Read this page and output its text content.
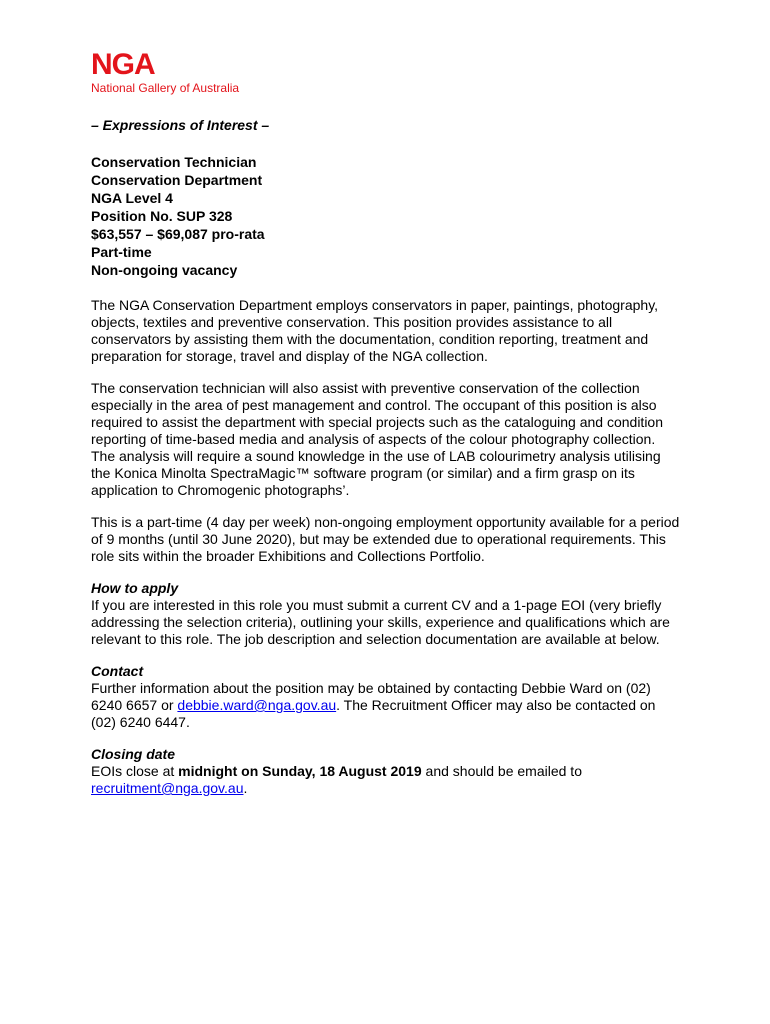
NGA
National Gallery of Australia
– Expressions of Interest –
Conservation Technician
Conservation Department
NGA Level 4
Position No. SUP 328
$63,557 – $69,087 pro-rata
Part-time
Non-ongoing vacancy

The NGA Conservation Department employs conservators in paper, paintings, photography, objects, textiles and preventive conservation. This position provides assistance to all conservators by assisting them with the documentation, condition reporting, treatment and preparation for storage, travel and display of the NGA collection.

The conservation technician will also assist with preventive conservation of the collection especially in the area of pest management and control. The occupant of this position is also required to assist the department with special projects such as the cataloguing and condition reporting of time-based media and analysis of aspects of the colour photography collection. The analysis will require a sound knowledge in the use of LAB colourimetry analysis utilising the Konica Minolta SpectraMagic™ software program (or similar) and a firm grasp on its application to Chromogenic photographs’.

This is a part-time (4 day per week) non-ongoing employment opportunity available for a period of 9 months (until 30 June 2020), but may be extended due to operational requirements. This role sits within the broader Exhibitions and Collections Portfolio.

How to apply
If you are interested in this role you must submit a current CV and a 1-page EOI (very briefly addressing the selection criteria), outlining your skills, experience and qualifications which are relevant to this role. The job description and selection documentation are available at below.
Contact
Further information about the position may be obtained by contacting Debbie Ward on (02) 6240 6657 or debbie.ward@nga.gov.au. The Recruitment Officer may also be contacted on (02) 6240 6447.
Closing date
EOIs close at midnight on Sunday, 18 August 2019 and should be emailed to recruitment@nga.gov.au.
